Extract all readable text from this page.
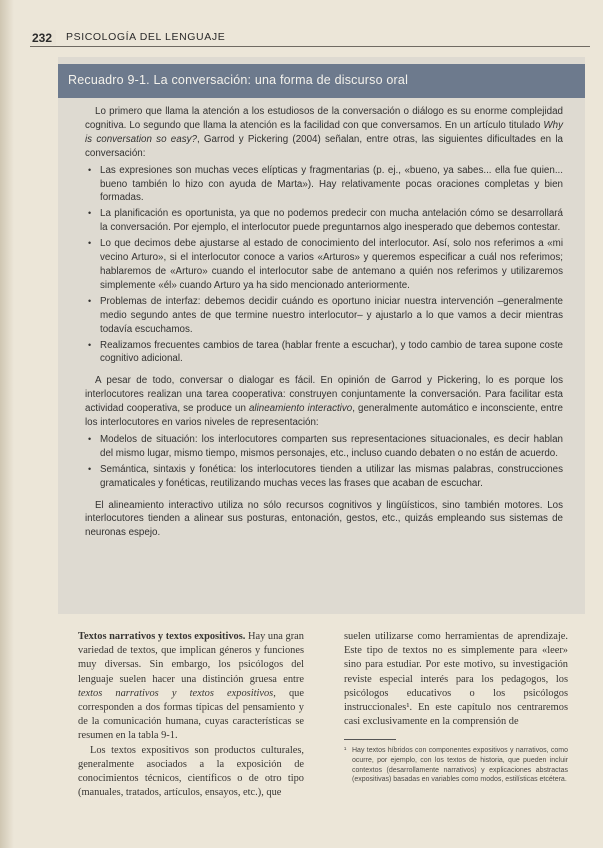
232	PSICOLOGÍA DEL LENGUAJE
Recuadro 9-1. La conversación: una forma de discurso oral

Lo primero que llama la atención a los estudiosos de la conversación o diálogo es su enorme complejidad cognitiva. Lo segundo que llama la atención es la facilidad con que conversamos. En un artículo titulado Why is conversation so easy?, Garrod y Pickering (2004) señalan, entre otras, las siguientes dificultades en la conversación:

• Las expresiones son muchas veces elípticas y fragmentarias (p. ej., «bueno, ya sabes... ella fue quien... bueno también lo hizo con ayuda de Marta»). Hay relativamente pocas oraciones completas y bien formadas.
• La planificación es oportunista, ya que no podemos predecir con mucha antelación cómo se desarrollará la conversación. Por ejemplo, el interlocutor puede preguntarnos algo inesperado que debemos contestar.
• Lo que decimos debe ajustarse al estado de conocimiento del interlocutor. Así, solo nos referimos a «mi vecino Arturo», si el interlocutor conoce a varios «Arturos» y queremos especificar a cuál nos referimos; hablaremos de «Arturo» cuando el interlocutor sabe de antemano a quién nos referimos y utilizaremos simplemente «él» cuando Arturo ya ha sido mencionado anteriormente.
• Problemas de interfaz: debemos decidir cuándo es oportuno iniciar nuestra intervención –generalmente medio segundo antes de que termine nuestro interlocutor– y ajustarlo a lo que vamos a decir mientras todavía escuchamos.
• Realizamos frecuentes cambios de tarea (hablar frente a escuchar), y todo cambio de tarea supone coste cognitivo adicional.

A pesar de todo, conversar o dialogar es fácil. En opinión de Garrod y Pickering, lo es porque los interlocutores realizan una tarea cooperativa: construyen conjuntamente la conversación. Para facilitar esta actividad cooperativa, se produce un alineamiento interactivo, generalmente automático e inconsciente, entre los interlocutores en varios niveles de representación:

• Modelos de situación: los interlocutores comparten sus representaciones situacionales, es decir hablan del mismo lugar, mismo tiempo, mismos personajes, etc., incluso cuando debaten o no están de acuerdo.
• Semántica, sintaxis y fonética: los interlocutores tienden a utilizar las mismas palabras, construcciones gramaticales y fonéticas, reutilizando muchas veces las frases que acaban de escuchar.

El alineamiento interactivo utiliza no sólo recursos cognitivos y lingüísticos, sino también motores. Los interlocutores tienden a alinear sus posturas, entonación, gestos, etc., quizás empleando sus sistemas de neuronas espejo.

Textos narrativos y textos expositivos. Hay una gran variedad de textos, que implican géneros y funciones muy diversas. Sin embargo, los psicólogos del lenguaje suelen hacer una distinción gruesa entre textos narrativos y textos expositivos, que corresponden a dos formas típicas del pensamiento y de la comunicación humana, cuyas características se resumen en la tabla 9-1.

Los textos expositivos son productos culturales, generalmente asociados a la exposición de conocimientos técnicos, científicos o de otro tipo (manuales, tratados, artículos, ensayos, etc.), que

suelen utilizarse como herramientas de aprendizaje. Este tipo de textos no es simplemente para «leer» sino para estudiar. Por este motivo, su investigación reviste especial interés para los pedagogos, los psicólogos educativos o los psicólogos instruccionales¹. En este capítulo nos centraremos casi exclusivamente en la comprensión de

¹ Hay textos híbridos con componentes expositivos y narrativos, como ocurre, por ejemplo, con los textos de historia, que pueden incluir contextos (desarrollamente narrativos) y explicaciones abstractas (expositivas) basadas en variables como modos, estilísticas etcétera.
